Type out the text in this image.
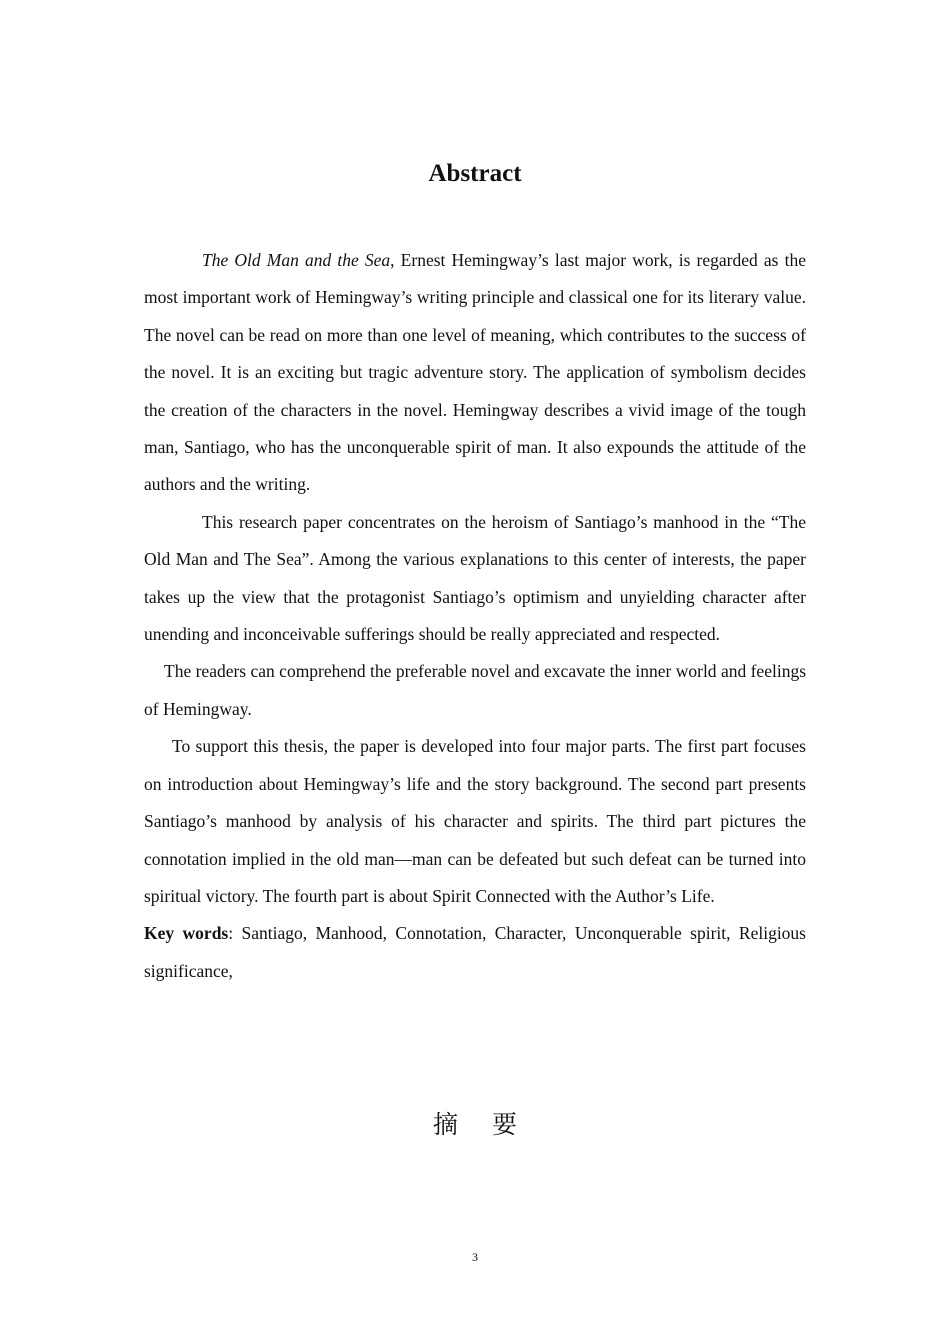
Abstract

The Old Man and the Sea, Ernest Hemingway’s last major work, is regarded as the most important work of Hemingway’s writing principle and classical one for its literary value. The novel can be read on more than one level of meaning, which contributes to the success of the novel. It is an exciting but tragic adventure story. The application of symbolism decides the creation of the characters in the novel. Hemingway describes a vivid image of the tough man, Santiago, who has the unconquerable spirit of man. It also expounds the attitude of the authors and the writing.

This research paper concentrates on the heroism of Santiago’s manhood in the “The Old Man and The Sea”. Among the various explanations to this center of interests, the paper takes up the view that the protagonist Santiago’s optimism and unyielding character after unending and inconceivable sufferings should be really appreciated and respected.

The readers can comprehend the preferable novel and excavate the inner world and feelings of Hemingway.

To support this thesis, the paper is developed into four major parts. The first part focuses on introduction about Hemingway’s life and the story background. The second part presents Santiago’s manhood by analysis of his character and spirits. The third part pictures the connotation implied in the old man—man can be defeated but such defeat can be turned into spiritual victory. The fourth part is about Spirit Connected with the Author’s Life.

Key words: Santiago, Manhood, Connotation, Character, Unconquerable spirit, Religious significance,

摘 要
3
